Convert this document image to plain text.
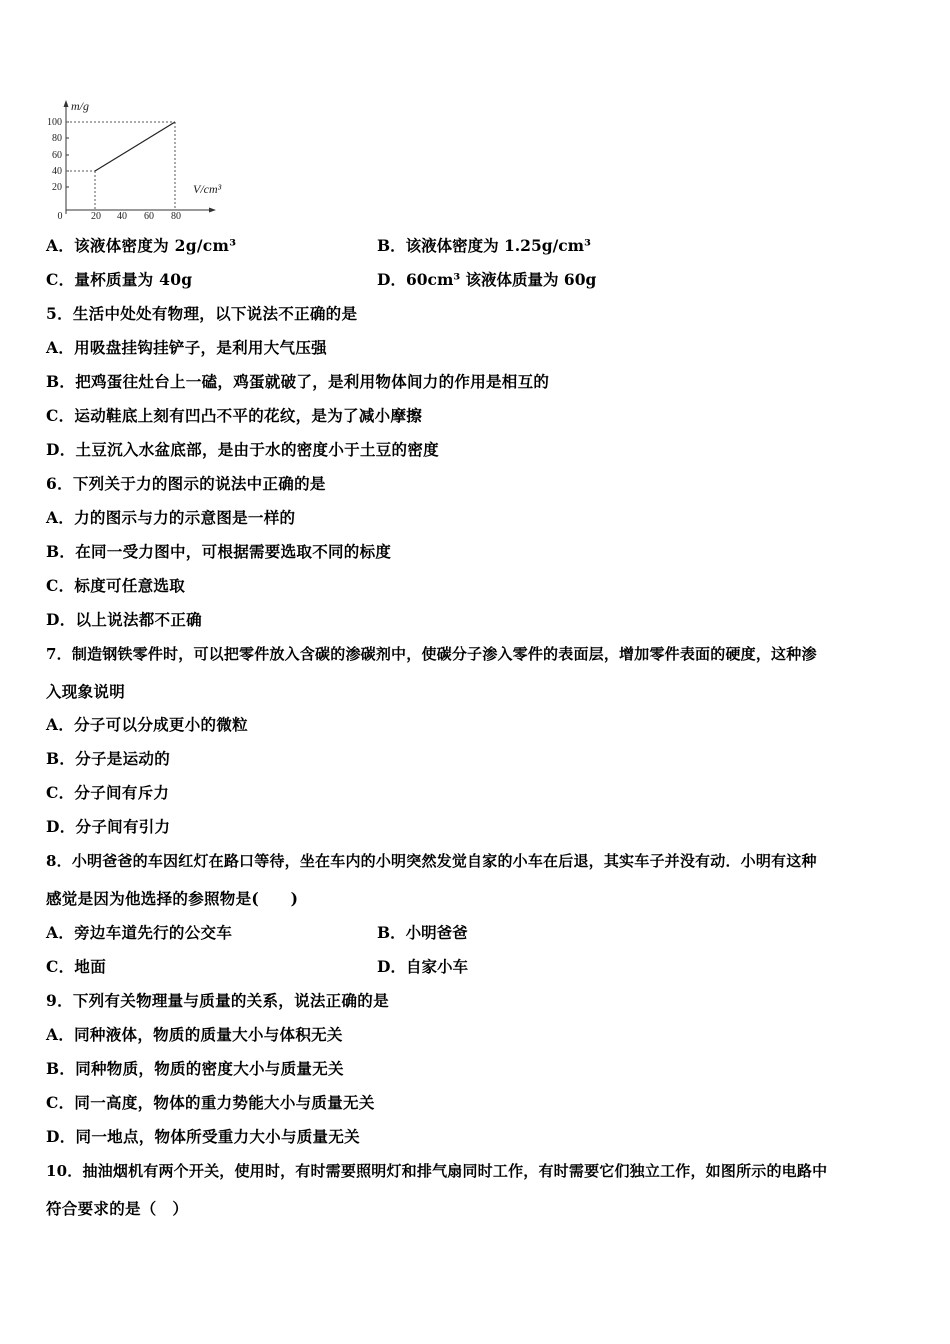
100
80
60
40
20
0	20 40 60 80
m/g
V/cm³
A．该液体密度为 2g/cm³	B．该液体密度为 1.25g/cm³
C．量杯质量为 40g	D．60cm³ 该液体质量为 60g
5．生活中处处有物理，以下说法不正确的是
A．用吸盘挂钩挂铲子，是利用大气压强
B．把鸡蛋往灶台上一磕，鸡蛋就破了，是利用物体间力的作用是相互的
C．运动鞋底上刻有凹凸不平的花纹，是为了减小摩擦
D．土豆沉入水盆底部，是由于水的密度小于土豆的密度
6．下列关于力的图示的说法中正确的是
A．力的图示与力的示意图是一样的
B．在同一受力图中，可根据需要选取不同的标度
C．标度可任意选取
D．以上说法都不正确
7．制造钢铁零件时，可以把零件放入含碳的渗碳剂中，使碳分子渗入零件的表面层，增加零件表面的硬度，这种渗
入现象说明
A．分子可以分成更小的微粒
B．分子是运动的
C．分子间有斥力
D．分子间有引力
8．小明爸爸的车因红灯在路口等待，坐在车内的小明突然发觉自家的小车在后退，其实车子并没有动．小明有这种
感觉是因为他选择的参照物是(　　)
A．旁边车道先行的公交车	B．小明爸爸
C．地面	D．自家小车
9．下列有关物理量与质量的关系，说法正确的是
A．同种液体，物质的质量大小与体积无关
B．同种物质，物质的密度大小与质量无关
C．同一高度，物体的重力势能大小与质量无关
D．同一地点，物体所受重力大小与质量无关
10．抽油烟机有两个开关，使用时，有时需要照明灯和排气扇同时工作，有时需要它们独立工作，如图所示的电路中
符合要求的是（　）
